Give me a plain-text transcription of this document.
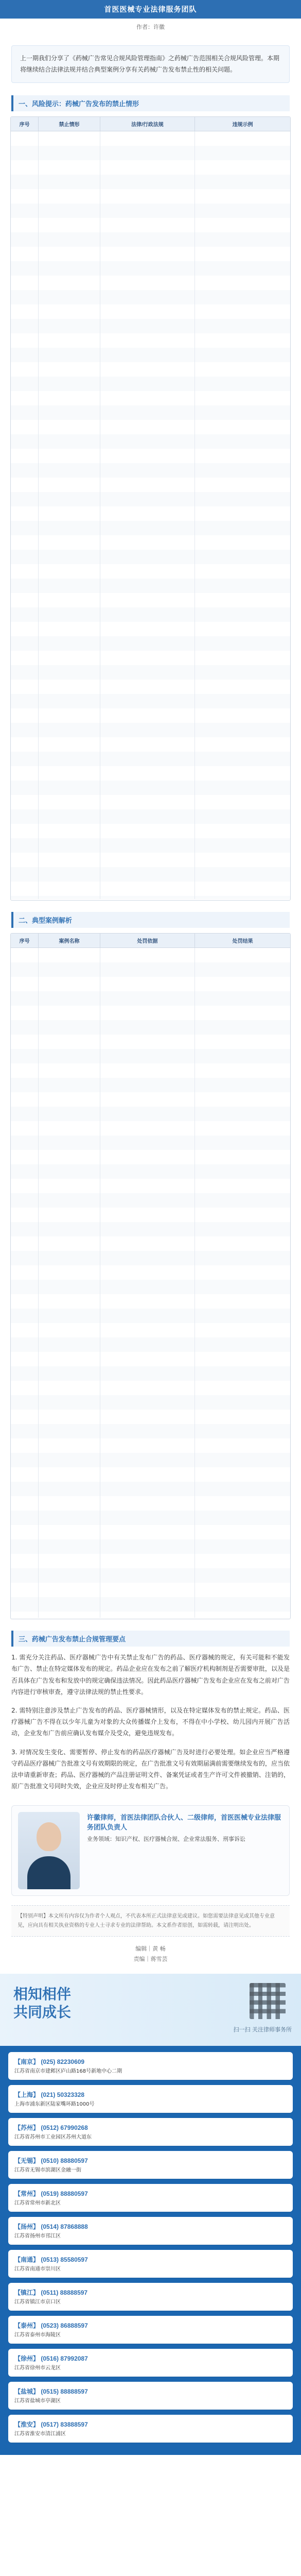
首医医械专业法律服务团队
作者：许徽
上一期我们分享了《药械广告常见合规风险管理指南》之药械广告范围相关合规风险管理。本期将继续结合法律法规并结合典型案例分享有关药械广告发布禁止性的相关问题。
一、风险提示：药械广告发布的禁止情形
序号	禁止情形	法律/行政法规	违规示例
二、典型案例解析
序号	案例名称	处罚依据	处罚结果
三、药械广告发布禁止合规管理要点
1. 需充分关注药品、医疗器械广告中有关禁止发布广告的药品、医疗器械的规定，有关可能和不能发布广告、禁止在特定媒体发布的规定。药品企业应在发布之前了解医疗机构制剂是否需要审批，以及是否具体在广告发布和发放中的规定确保违法情况。因此药品医疗器械广告发布企业应在发布之前对广告内容进行审核审查，遵守法律法规的禁止性要求。
2. 需特别注意涉及禁止广告发布的药品、医疗器械情形，以及在特定媒体发布的禁止规定。药品、医疗器械广告不得在以少年儿童为对象的大众传播媒介上发布，不得在中小学校、幼儿园内开展广告活动，企业发布广告前应确认发布媒介及受众，避免违规发布。
3. 对情况发生变化、需要暂停、停止发布的药品医疗器械广告及时进行必要处理。如企业应当严格遵守药品医疗器械广告批准文号有效期限的规定，在广告批准文号有效期届满前需要继续发布的，应当依法申请重新审查；药品、医疗器械的产品注册证明文件、备案凭证或者生产许可文件被撤销、注销的，原广告批准文号同时失效，企业应及时停止发布相关广告。
许徽律师，首医法律团队合伙人、二级律师，首医医械专业法律服务团队负责人
业务领域：知识产权、医疗器械合规、企业常法服务、刑事诉讼
【特别声明】本文所有内容仅为作者个人观点，不代表本所正式法律意见或建议。如您需要法律意见或其他专业意见，应向具有相关执业资格的专业人士寻求专业的法律帮助。本文系作者原创，如需转载，请注明出处。
编辑｜黄 畅
责编｜蒋雪芸
相知相伴
共同成长
扫一扫 关注律师事务所
【南京】 (025) 82230609
江苏省南京市建邺区庐山路168号新地中心二期
【上海】 (021) 50323328
上海市浦东新区陆家嘴环路1000号
【苏州】 (0512) 67990268
江苏省苏州市工业园区苏州大道东
【无锡】 (0510) 88880597
江苏省无锡市滨湖区金融一街
【常州】 (0519) 88880597
江苏省常州市新北区
【扬州】 (0514) 87868888
江苏省扬州市邗江区
【南通】 (0513) 85580597
江苏省南通市崇川区
【镇江】 (0511) 88888597
江苏省镇江市京口区
【泰州】 (0523) 86888597
江苏省泰州市海陵区
【徐州】 (0516) 87992087
江苏省徐州市云龙区
【盐城】 (0515) 88888597
江苏省盐城市亭湖区
【淮安】 (0517) 83888597
江苏省淮安市清江浦区
